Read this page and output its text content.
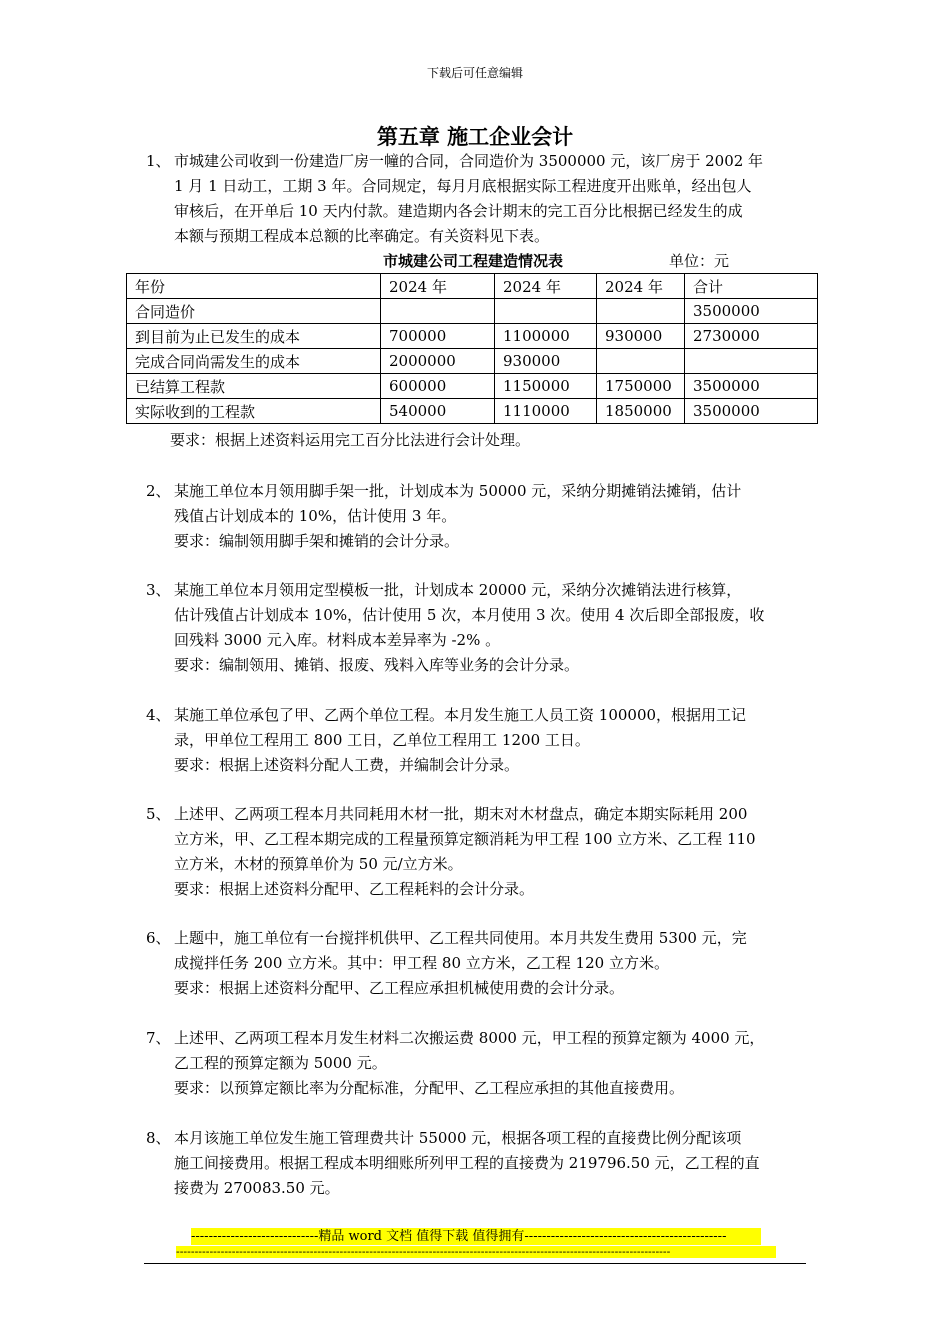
下载后可任意编辑
第五章 施工企业会计
1、 市城建公司收到一份建造厂房一幢的合同，合同造价为 3500000 元，该厂房于 2002 年
1 月 1 日动工，工期 3 年。合同规定，每月月底根据实际工程进度开出账单，经出包人
审核后，在开单后 10 天内付款。建造期内各会计期末的完工百分比根据已经发生的成
本额与预期工程成本总额的比率确定。有关资料见下表。
市城建公司工程建造情况表	单位：元
年份	2024 年	2024 年	2024 年	合计
合同造价				3500000
到目前为止已发生的成本	700000	1100000	930000	2730000
完成合同尚需发生的成本	2000000	930000		
已结算工程款	600000	1150000	1750000	3500000
实际收到的工程款	540000	1110000	1850000	3500000
要求：根据上述资料运用完工百分比法进行会计处理。
2、 某施工单位本月领用脚手架一批，计划成本为 50000 元，采纳分期摊销法摊销，估计
残值占计划成本的 10%，估计使用 3 年。
要求：编制领用脚手架和摊销的会计分录。
3、 某施工单位本月领用定型模板一批，计划成本 20000 元，采纳分次摊销法进行核算，
估计残值占计划成本 10%，估计使用 5 次，本月使用 3 次。使用 4 次后即全部报废，收
回残料 3000 元入库。材料成本差异率为 -2% 。
要求：编制领用、摊销、报废、残料入库等业务的会计分录。
4、 某施工单位承包了甲、乙两个单位工程。本月发生施工人员工资 100000，根据用工记
录，甲单位工程用工 800 工日，乙单位工程用工 1200 工日。
要求：根据上述资料分配人工费，并编制会计分录。
5、 上述甲、乙两项工程本月共同耗用木材一批，期末对木材盘点，确定本期实际耗用 200
立方米，甲、乙工程本期完成的工程量预算定额消耗为甲工程 100 立方米、乙工程 110
立方米，木材的预算单价为 50 元/立方米。
要求：根据上述资料分配甲、乙工程耗料的会计分录。
6、 上题中，施工单位有一台搅拌机供甲、乙工程共同使用。本月共发生费用 5300 元，完
成搅拌任务 200 立方米。其中：甲工程 80 立方米，乙工程 120 立方米。
要求：根据上述资料分配甲、乙工程应承担机械使用费的会计分录。
7、 上述甲、乙两项工程本月发生材料二次搬运费 8000 元，甲工程的预算定额为 4000 元，
乙工程的预算定额为 5000 元。
要求：以预算定额比率为分配标准，分配甲、乙工程应承担的其他直接费用。
8、 本月该施工单位发生施工管理费共计 55000 元，根据各项工程的直接费比例分配该项
施工间接费用。根据工程成本明细账所列甲工程的直接费为 219796.50 元，乙工程的直
接费为 270083.50 元。
-----------------------------精品 word 文档 值得下载 值得拥有----------------------------------------------
-------------------------------------------------------------------------------------------------------------------------------------
